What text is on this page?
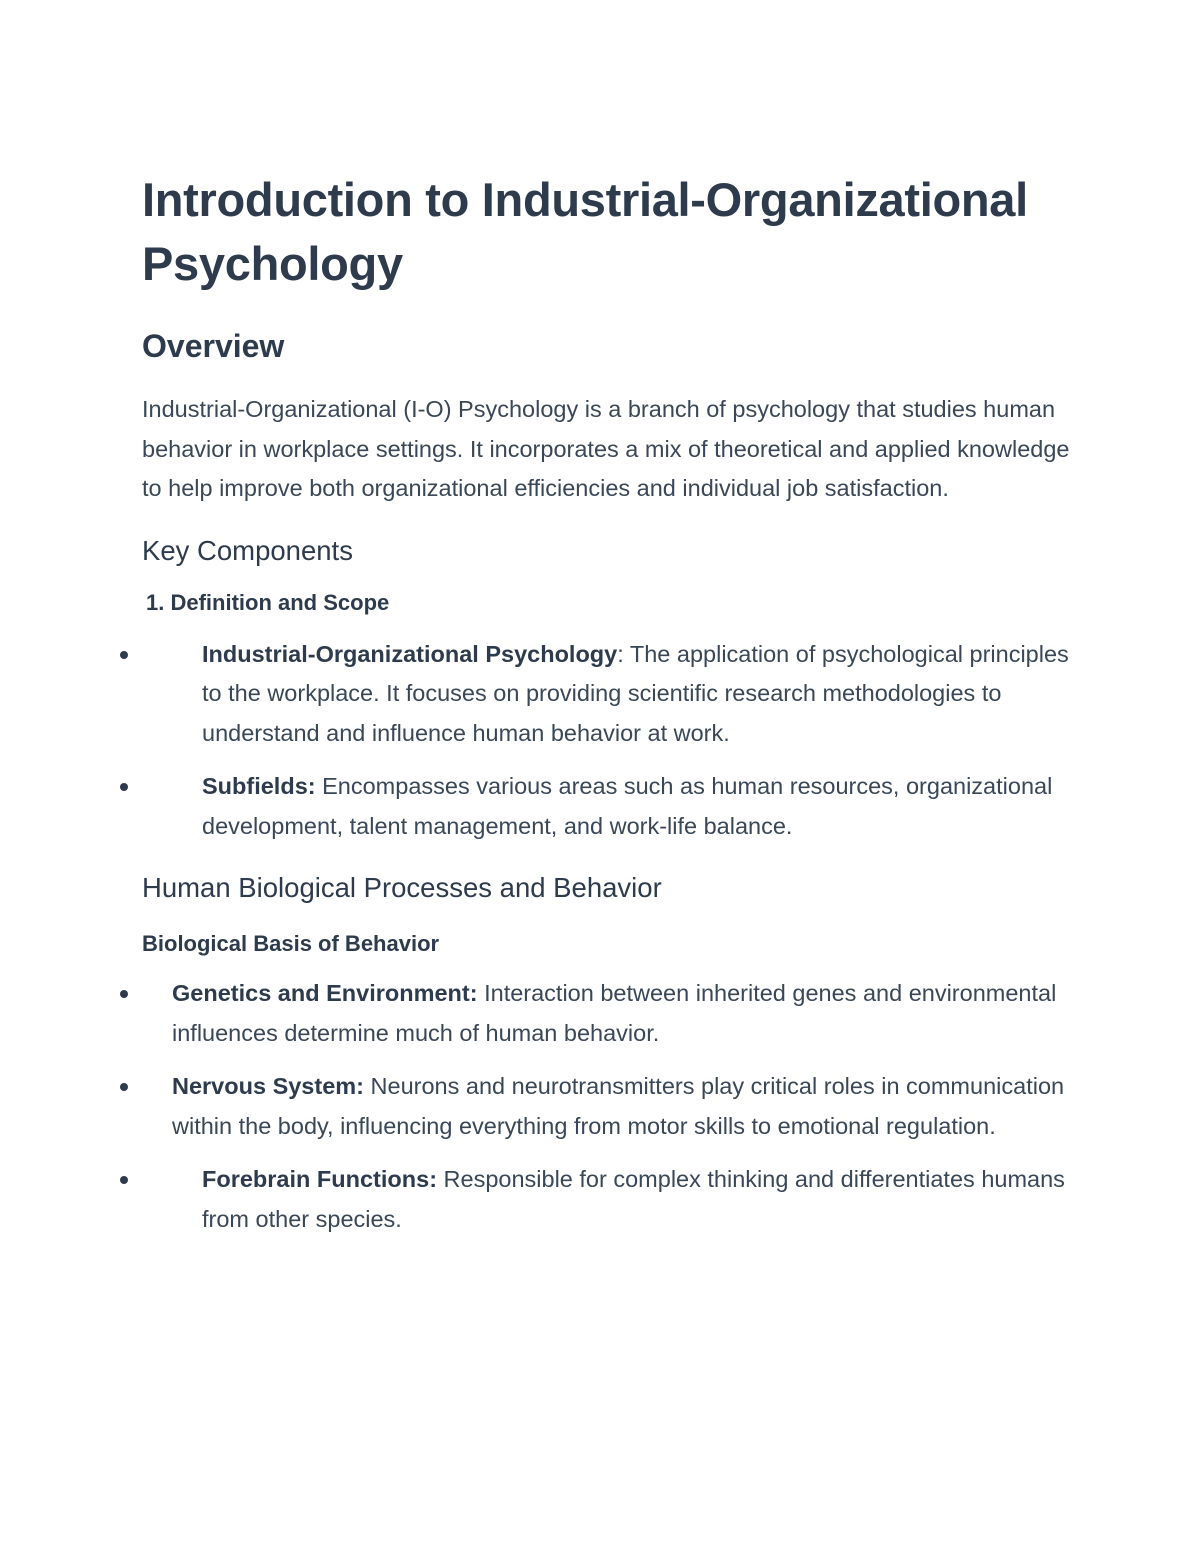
Introduction to Industrial-Organizational Psychology
Overview

Industrial-Organizational (I-O) Psychology is a branch of psychology that studies human behavior in workplace settings. It incorporates a mix of theoretical and applied knowledge to help improve both organizational efficiencies and individual job satisfaction.

Key Components
1. Definition and Scope
Industrial-Organizational Psychology: The application of psychological principles to the workplace. It focuses on providing scientific research methodologies to understand and influence human behavior at work.
Subfields: Encompasses various areas such as human resources, organizational development, talent management, and work-life balance.
Human Biological Processes and Behavior
Biological Basis of Behavior
Genetics and Environment: Interaction between inherited genes and environmental influences determine much of human behavior.
Nervous System: Neurons and neurotransmitters play critical roles in communication within the body, influencing everything from motor skills to emotional regulation.
Forebrain Functions: Responsible for complex thinking and differentiates humans from other species.
